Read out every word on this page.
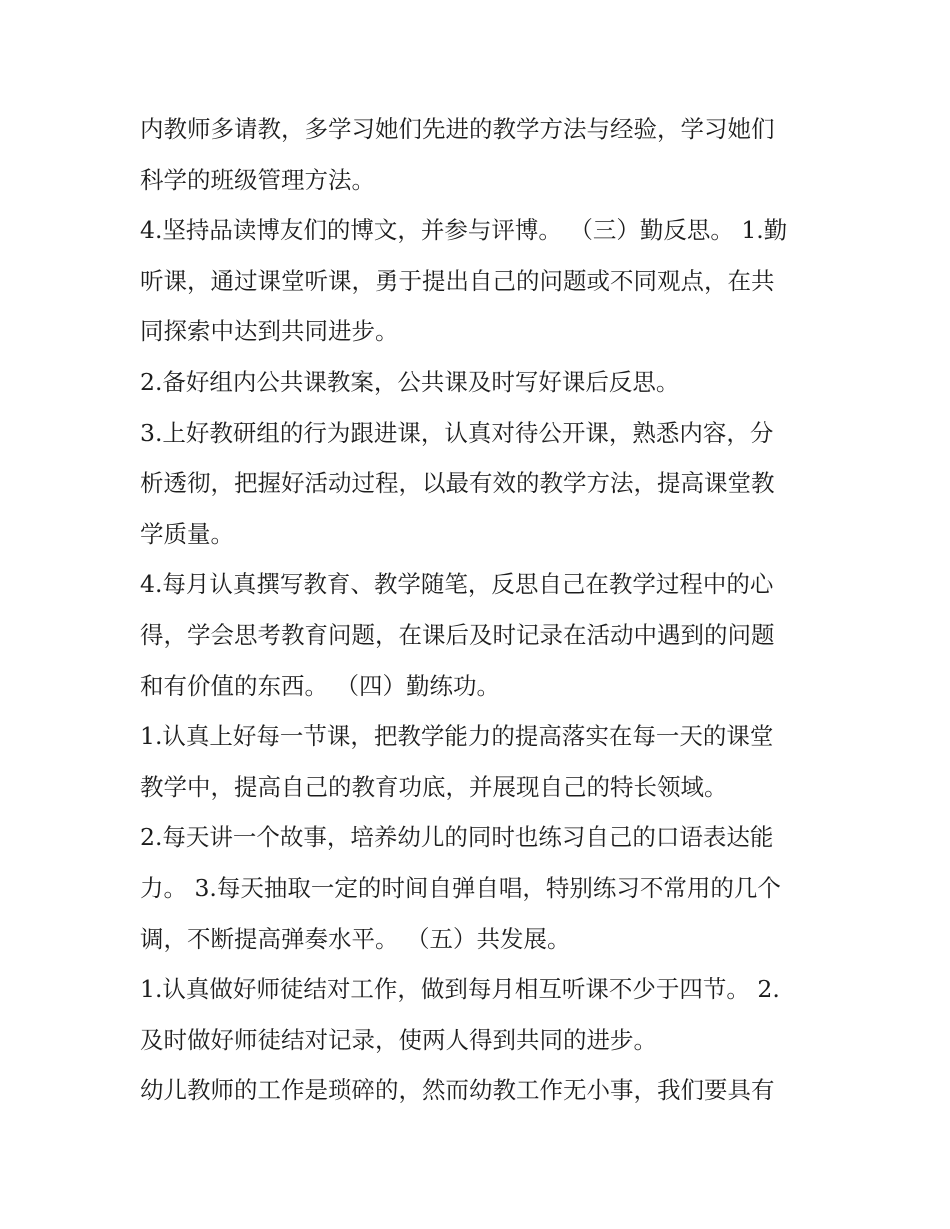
内教师多请教，多学习她们先进的教学方法与经验，学习她们
科学的班级管理方法。
4.坚持品读博友们的博文，并参与评博。 （三）勤反思。 1.勤
听课，通过课堂听课，勇于提出自己的问题或不同观点，在共
同探索中达到共同进步。
2.备好组内公共课教案，公共课及时写好课后反思。
3.上好教研组的行为跟进课，认真对待公开课，熟悉内容，分
析透彻，把握好活动过程，以最有效的教学方法，提高课堂教
学质量。
4.每月认真撰写教育、教学随笔，反思自己在教学过程中的心
得，学会思考教育问题，在课后及时记录在活动中遇到的问题
和有价值的东西。 （四）勤练功。
1.认真上好每一节课，把教学能力的提高落实在每一天的课堂
教学中，提高自己的教育功底，并展现自己的特长领域。
2.每天讲一个故事，培养幼儿的同时也练习自己的口语表达能
力。 3.每天抽取一定的时间自弹自唱，特别练习不常用的几个
调，不断提高弹奏水平。 （五）共发展。
1.认真做好师徒结对工作，做到每月相互听课不少于四节。 2.
及时做好师徒结对记录，使两人得到共同的进步。
幼儿教师的工作是琐碎的，然而幼教工作无小事，我们要具有
